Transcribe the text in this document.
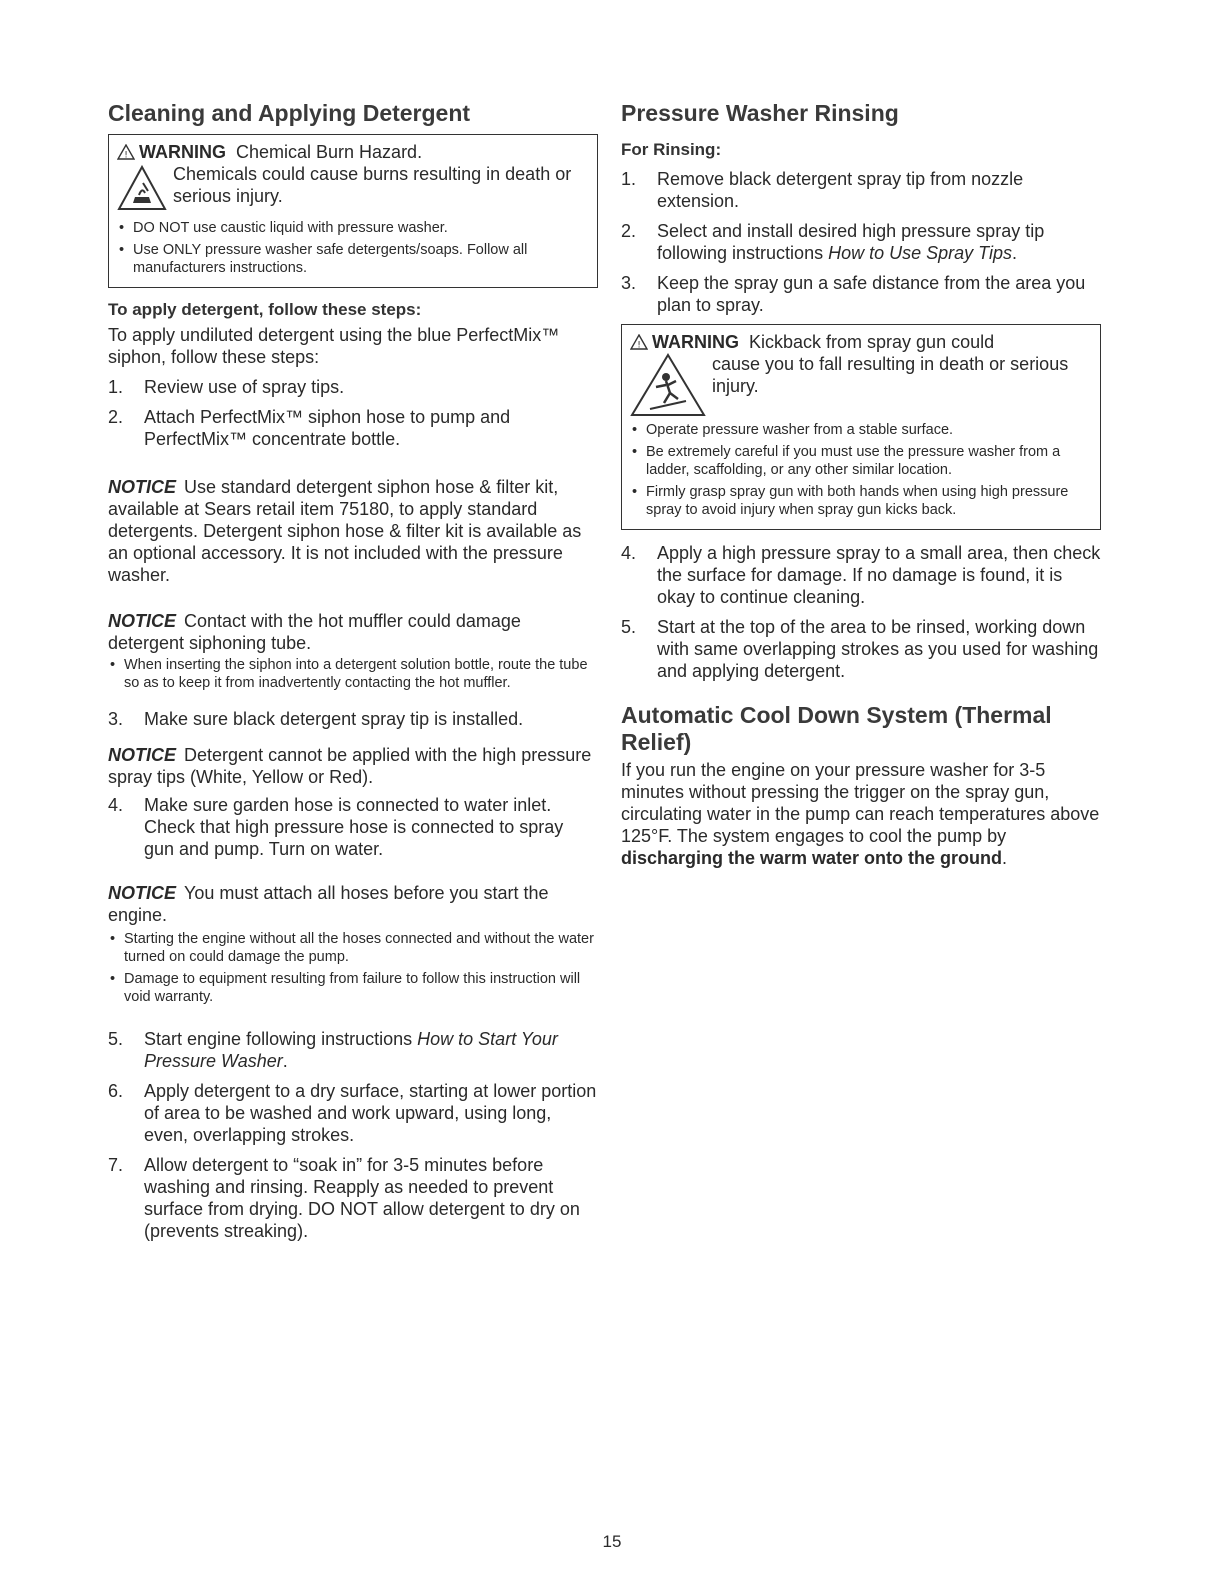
Cleaning and Applying Detergent
! WARNING Chemical Burn Hazard.
Chemicals could cause burns resulting in death or serious injury.
• DO NOT use caustic liquid with pressure washer.
• Use ONLY pressure washer safe detergents/soaps. Follow all manufacturers instructions.
To apply detergent, follow these steps:

To apply undiluted detergent using the blue PerfectMix™ siphon, follow these steps:

1. Review use of spray tips.
2. Attach PerfectMix™ siphon hose to pump and PerfectMix™ concentrate bottle.
NOTICE Use standard detergent siphon hose & filter kit, available at Sears retail item 75180, to apply standard detergents. Detergent siphon hose & filter kit is available as an optional accessory. It is not included with the pressure washer.
NOTICE Contact with the hot muffler could damage detergent siphoning tube.
• When inserting the siphon into a detergent solution bottle, route the tube so as to keep it from inadvertently contacting the hot muffler.
3. Make sure black detergent spray tip is installed.
NOTICE Detergent cannot be applied with the high pressure spray tips (White, Yellow or Red).
4. Make sure garden hose is connected to water inlet. Check that high pressure hose is connected to spray gun and pump. Turn on water.
NOTICE You must attach all hoses before you start the engine.
• Starting the engine without all the hoses connected and without the water turned on could damage the pump.
• Damage to equipment resulting from failure to follow this instruction will void warranty.
5. Start engine following instructions How to Start Your Pressure Washer.
6. Apply detergent to a dry surface, starting at lower portion of area to be washed and work upward, using long, even, overlapping strokes.
7. Allow detergent to “soak in” for 3-5 minutes before washing and rinsing. Reapply as needed to prevent surface from drying. DO NOT allow detergent to dry on (prevents streaking).
Pressure Washer Rinsing
For Rinsing:
1. Remove black detergent spray tip from nozzle extension.
2. Select and install desired high pressure spray tip following instructions How to Use Spray Tips.
3. Keep the spray gun a safe distance from the area you plan to spray.
! WARNING Kickback from spray gun could
cause you to fall resulting in death or serious injury.
• Operate pressure washer from a stable surface.
• Be extremely careful if you must use the pressure washer from a ladder, scaffolding, or any other similar location.
• Firmly grasp spray gun with both hands when using high pressure spray to avoid injury when spray gun kicks back.
4. Apply a high pressure spray to a small area, then check the surface for damage. If no damage is found, it is okay to continue cleaning.
5. Start at the top of the area to be rinsed, working down with same overlapping strokes as you used for washing and applying detergent.
Automatic Cool Down System (Thermal Relief)

If you run the engine on your pressure washer for 3-5 minutes without pressing the trigger on the spray gun, circulating water in the pump can reach temperatures above 125°F. The system engages to cool the pump by discharging the warm water onto the ground.

15
